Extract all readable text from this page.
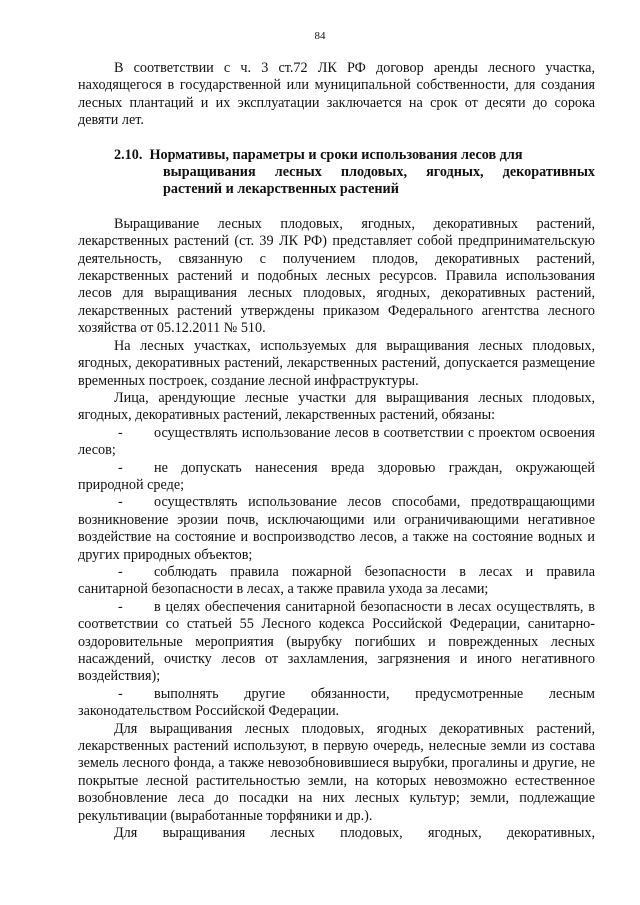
84

В соответствии с ч. 3 ст.72 ЛК РФ договор аренды лесного участка, находящегося в государственной или муниципальной собственности, для создания лесных плантаций и их эксплуатации заключается на срок от десяти до сорока девяти лет.

2.10. Нормативы, параметры и сроки использования лесов для
выращивания лесных плодовых, ягодных, декоративных растений и лекарственных растений

Выращивание лесных плодовых, ягодных, декоративных растений, лекарственных растений (ст. 39 ЛК РФ) представляет собой предпринимательскую деятельность, связанную с получением плодов, декоративных растений, лекарственных растений и подобных лесных ресурсов. Правила использования лесов для выращивания лесных плодовых, ягодных, декоративных растений, лекарственных растений утверждены приказом Федерального агентства лесного хозяйства от 05.12.2011 № 510.

На лесных участках, используемых для выращивания лесных плодовых, ягодных, декоративных растений, лекарственных растений, допускается размещение временных построек, создание лесной инфраструктуры.

Лица, арендующие лесные участки для выращивания лесных плодовых, ягодных, декоративных растений, лекарственных растений, обязаны:

- осуществлять использование лесов в соответствии с проектом освоения лесов;

- не допускать нанесения вреда здоровью граждан, окружающей природной среде;

- осуществлять использование лесов способами, предотвращающими возникновение эрозии почв, исключающими или ограничивающими негативное воздействие на состояние и воспроизводство лесов, а также на состояние водных и других природных объектов;

- соблюдать правила пожарной безопасности в лесах и правила санитарной безопасности в лесах, а также правила ухода за лесами;

- в целях обеспечения санитарной безопасности в лесах осуществлять, в соответствии со статьей 55 Лесного кодекса Российской Федерации, санитарно-оздоровительные мероприятия (вырубку погибших и поврежденных лесных насаждений, очистку лесов от захламления, загрязнения и иного негативного воздействия);

- выполнять другие обязанности, предусмотренные лесным законодательством Российской Федерации.

Для выращивания лесных плодовых, ягодных декоративных растений, лекарственных растений используют, в первую очередь, нелесные земли из состава земель лесного фонда, а также невозобновившиеся вырубки, прогалины и другие, не покрытые лесной растительностью земли, на которых невозможно естественное возобновление леса до посадки на них лесных культур; земли, подлежащие рекультивации (выработанные торфяники и др.).

Для выращивания лесных плодовых, ягодных, декоративных,
